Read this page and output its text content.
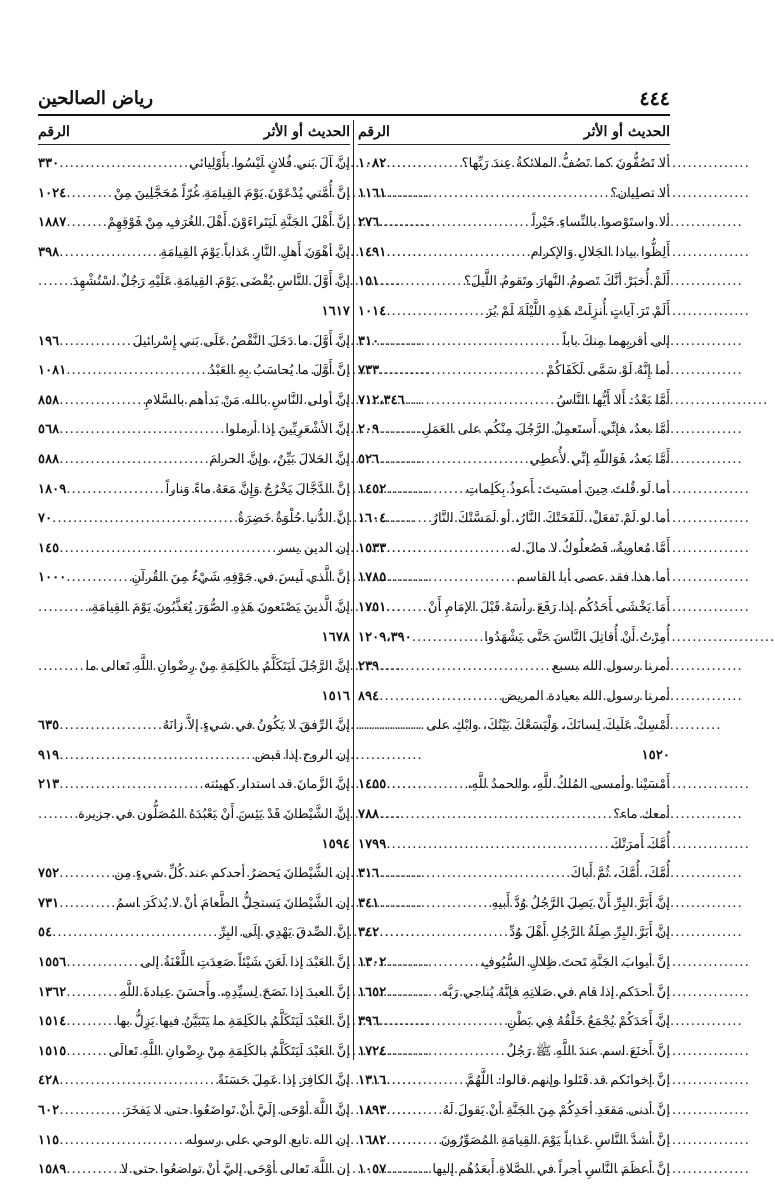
٤٤٤
رياض الصالحين
الحديث أو الأثر
الرقم
ألا تَصُفُّونَ كما تَصُفُّ الملائكةُ عِندَ رَبِّها؟
.....
١٠٨٢
ألا تصلِيان؟
.....
١١٦١
ألا واستَوْصوا بالنِّساءِ خَيْراً
.....
٢٧٦
أَلِظُّوا بياذا الجَلالِ وَالإكرام
.....
١٤٩١
أَلَمْ أُخبَرْ أنَّكَ تَصومُ النَّهارَ وتَقومُ اللَّيلَ؟
.....
١٥١
أَلَمْ تَرَ آياتٍ أُنزِلَتْ هَذِهِ اللَّيْلَةَ لَمْ يُرَ
.....
١٠١٤
إلى أقربِهما مِنكَ باباً
.....
٣١٠
أما إِنَّهُ لَوْ سَمَّى لَكَفَاكُمْ
.....
٧٣٣
أَمَّا بَعْدُ: أَلا أَيُّها النَّاسُ
.....
٧١٢،٣٤٦
أمَّا بعدُ، فإنِّي أَستَعمِلُ الرَّجُلَ مِنْكُم على العَمَلِ
.....
٢٠٩
أَمَّا بَعدُ، فَوَاللّهِ إنِّي لأُعطِي
.....
٥٢٦
أما لَو قُلتَ حِينَ أمسَيتَ: أَعوذُ بِكَلِماتِ
.....
١٤٥٢
أما لو لَمْ تَفعَلْ، لَلَفَحَتْكَ النَّارُ، أو لَمَسَّتْكَ النَّارُ
.....
١٦٠٤
أَمَّا مُعاويةُ، فَصُعلُوكٌ لا مالَ له
.....
١٥٣٣
أما هذا فقد عصى أبا القاسم
.....
١٧٨٥
أَمَا يَخْشَى أَحَدُكُم إذا رَفَعَ رأسَهُ قَبْلَ الإمَامِ أَنْ
.....
١٧٥١
أُمِرْتُ أَنْ أُقاتِلَ النَّاسَ حَتَّى يَشْهَدُوا
.....
١٢٠٩،٣٩٠
أمرنا رسول الله بسبع
.....
٢٣٩
أمرنا رسول الله بعيادة المريض
.....
٨٩٤
أَمْسِكْ عَلَيكَ لِسانَكَ، وَلْيَسَعْكَ بَيْتُكَ، وابْكِ على
.....
١٥٢٠
أَمْسَيْنا وأمسى المُلكُ للَّهِ، والحمدُ للَّهِ،
.....
١٤٥٥
أمعك ماء؟
.....
٧٨٨
أُمَّكَ أَمرَتْكَ
.....
١٧٩٩
أُمَّكَ، أُمَّكَ، ثُمَّ أَباكَ
.....
٣١٦
إنَّ أَبَرَّ البِرِّ أَنْ يَصِلَ الرَّجُلُ وُدَّ أَبيهِ
.....
٣٤١
إنَّ أَبَرَّ البِرِّ صِلَةُ الرَّجُلِ أَهْلَ وُدِّ
.....
٣٤٢
إنَّ أبوابَ الجَنَّةِ تَحتَ ظِلالِ السُّيُوفِ
.....
١٣٠٢
إنَّ أحدَكم إذا قام في صَلاتِهِ فإنَّهُ يُناجي رَبَّه
.....
١٦٥٢
إنَّ أَحَدَكُمْ يُجْمَعُ خَلْقُهُ فِي بَطْنِ
.....
٣٩٦
إنَّ أَخنَعَ اسم عندَ اللَّهِ ﷺ رَجُلٌ
.....
١٧٢٤
إنَّ إخوانَكم قد قَتَلوا وإنهم قالوا: اللَّهُمَّ
.....
١٣١٦
إنَّ أدنى مَقعَدِ أحَدِكُمْ مِنَ الجَنَّةِ أنْ يَقولَ لَهُ
.....
١٨٩٣
إنَّ أشدَّ النَّاسِ عَذاباً يَوْمَ القِيامَةِ المُصَوِّرُونَ
.....
١٦٨٢
إنَّ أعظَمَ النَّاسِ أجراً في الصَّلاةِ أَبعَدُهُم إليها
.....
١٠٥٧
الحديث أو الأثر
الرقم
إنَّ آلَ بَني فُلانٍ لَيْسُوا بأَوْلِيائي
.....
٣٣٠
إنَّ أُمَّتي يُدْعَوْنَ يَوْمَ القِيامَةِ غُرّاً مُحَجَّلِينَ مِنْ
.....
١٠٢٤
إنَّ أَهْلَ الجَنَّةِ لَيَتَراءَوْنَ أَهْلَ الغُرَفِ مِنْ فَوْقِهِمْ
.....
١٨٨٧
إنَّ أهْوَنَ أَهلِ النَّارِ عَذاباً يَوْمَ القِيامَةِ
.....
٣٩٨
إنَّ أَوَّلَ النَّاسِ يُقْضَى يَوْمَ القِيامَةِ عَلَيْهِ رَجُلٌ اسْتُشْهِدَ
.....
١٦١٧
إنَّ أَوَّلَ ما دَخَلَ النَّقْصُ عَلَى بَني إِسْرائيلَ
.....
١٩٦
إنَّ أَوَّلَ ما يُحاسَبُ بِهِ العَبْدُ
.....
١٠٨١
إنَّ أولى النَّاسِ بالله مَنْ بَدأهم بالسَّلامِ
.....
٨٥٨
إنَّ الأشْعَرِيِّينَ إذا أرملوا
.....
٥٦٨
إنَّ الحَلالَ بَيِّنٌ، وإنَّ الحرامَ
.....
٥٨٨
إنَّ الدَّجَّالَ يَخْرُجُ وَإِنَّ مَعَهُ ماءً وَناراً
.....
١٨٠٩
إنَّ الدُّنيا حُلْوَةٌ خَضِرَةٌ
.....
٧٠
إن الدين يسر
.....
١٤٥
إنَّ الَّذي لَيسَ في جَوْفِهِ شَيْءٌ مِنَ القُرآنِ
.....
١٠٠٠
إنَّ الَّذينَ يَصْنَعونَ هَذِهِ الصُّوَرَ يُعَذَّبُونَ يَوْمَ القِيامَةِ،
.....
١٦٧٨
إنَّ الرَّجُلَ لَيَتَكَلَّمُ بالكَلِمَةِ مِنْ رِضْوانِ اللَّهِ تَعالى ما
.....
١٥١٦
إنَّ الرِّفقَ لا يَكُونُ في شيءٍ إلاَّ زانَهُ
.....
٦٣٥
إن الروح إذا قبض
.....
٩١٩
إنَّ الزَّمانَ قد استدار كهيئته
.....
٢١٣
إنَّ الشَّيْطانَ قَدْ يَئِسَ أَنْ يَعْبُدَهُ المُصَلُّون في جزيرة
.....
١٥٩٤
إن الشَّيْطانَ يَحضرُ أحدكم عند كُلِّ شيءٍ مِن
.....
٧٥٢
إن الشَّيْطانَ يَستحِلُّ الطَّعامَ أنْ لا يُذكَرَ اسمُ
.....
٧٣١
إنَّ الصِّدقَ يَهْدِي إلَى البِرِّ
.....
٥٤
إنَّ العَبْدَ إذا لَعَنَ شَيْئاً صَعِدَتِ اللَّعْنَةُ إلى
.....
١٥٥٦
إنَّ العبدَ إذا نَصَحَ لِسيِّدِهِ، وأَحسَنَ عِبادةَ اللَّهِ
.....
١٣٦٢
إنَّ العَبْدَ لَيَتَكَلَّمُ بالكَلِمَةِ ما يَتَبَيَّنُ فيها يَزِلُّ بها
.....
١٥١٤
إنَّ العَبْدَ لَيَتَكَلَّمُ بالكَلِمَةِ مِنْ رِضْوانِ اللَّهِ تَعالَى
.....
١٥١٥
إنَّ الكافِرَ إذا عَمِلَ حَسَنَةً
.....
٤٢٨
إنَّ اللَّهَ أوْحَى إلَيَّ أنْ تَواضَعُوا حتى لا يَفخَرَ
.....
٦٠٢
إن الله تابع الوحي على رسوله
.....
١١٥
إن اللَّهَ تَعالى أوْحَى إليَّ أنْ تواضعُوا حتى لا
.....
١٥٨٩
